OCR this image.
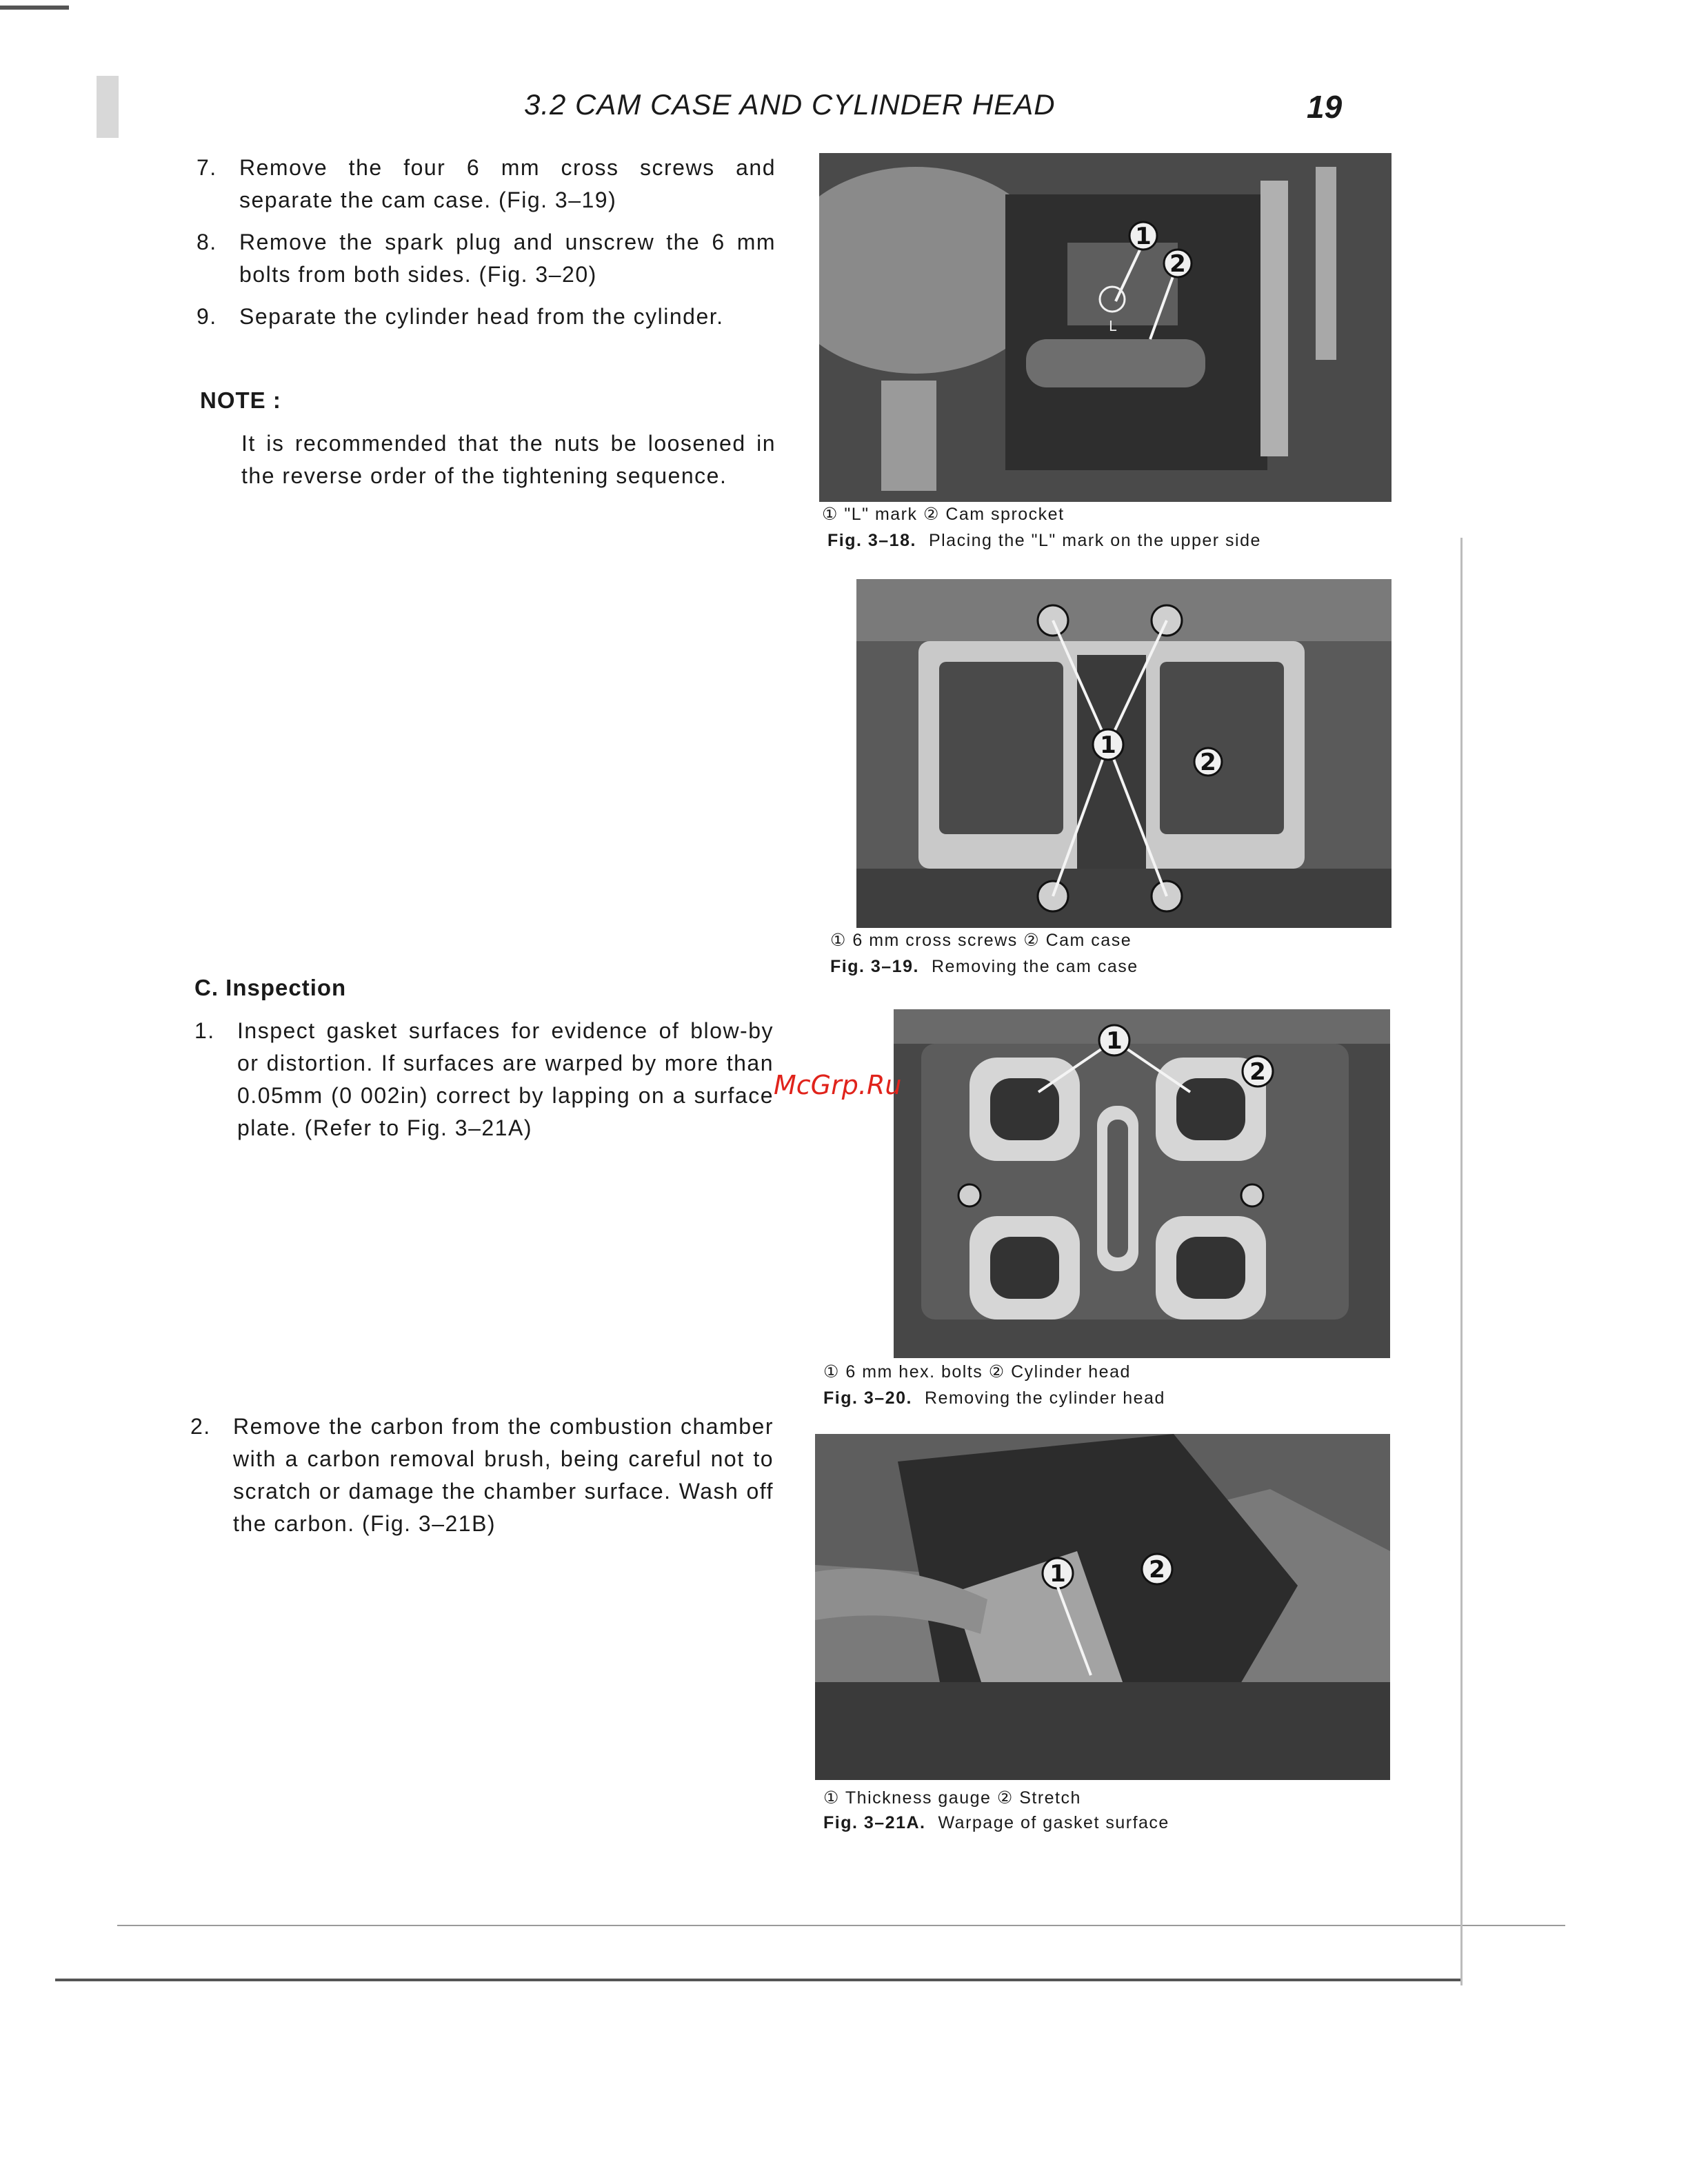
3.2 CAM CASE AND CYLINDER HEAD	19
7. Remove the four 6 mm cross screws and separate the cam case. (Fig. 3–19)
8. Remove the spark plug and unscrew the 6 mm bolts from both sides. (Fig. 3–20)
9. Separate the cylinder head from the cylinder.
NOTE :
It is recommended that the nuts be loosened in the reverse order of the tightening sequence.
C. Inspection
1. Inspect gasket surfaces for evidence of blow-by or distortion. If surfaces are warped by more than 0.05mm (0 002in) correct by lapping on a surface plate. (Refer to Fig. 3–21A)
2. Remove the carbon from the combustion chamber with a carbon removal brush, being careful not to scratch or damage the chamber surface. Wash off the carbon. (Fig. 3–21B)
1
2
L
① "L" mark ② Cam sprocket
Fig. 3–18. Placing the "L" mark on the upper side
1
2
① 6 mm cross screws ② Cam case
Fig. 3–19. Removing the cam case
1
2
① 6 mm hex. bolts ② Cylinder head
Fig. 3–20. Removing the cylinder head
1	2
① Thickness gauge ② Stretch
Fig. 3–21A. Warpage of gasket surface
McGrp.Ru
